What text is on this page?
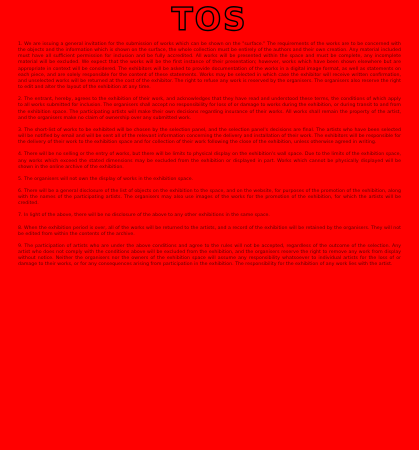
TOS

1. We are issuing a general invitation for the submission of works which can be shown on the "surface." The requirements of the works are to be concerned with the objects and the information which is shown on the surface, the whole collection must be entirely of the authors and their own creation. Any material included must have all sufficient permission for inclusion and be fully accredited. All works will be presented within the space and must be complete, any incomplete material will be excluded. We expect that the works will be the first instance of their presentation; however, works which have been shown elsewhere but are appropriate in context will be considered. The exhibitors will be asked to provide documentation of the works in a digital image format, as well as statements on each piece, and are solely responsible for the content of these statements. Works may be selected in which case the exhibitor will receive written confirmation, and unselected works will be returned at the cost of the exhibitor. The right to refuse any work is reserved by the organisers. The organisers also reserve the right to edit and alter the layout of the exhibition at any time.

2. The entrant, hereby, agrees to the exhibition of their work, and acknowledges that they have read and understood these terms, the conditions of which apply to all works submitted for inclusion. The organisers shall accept no responsibility for loss of or damage to works during the exhibition, or during transit to and from the exhibition space. The participating artists will make their own decisions regarding insurance of their works. All works shall remain the property of the artist, and the organisers make no claim of ownership over any submitted work.

3. The short-list of works to be exhibited will be chosen by the selection panel, and the selection panel's decisions are final. The artists who have been selected will be notified by email and will be sent all of the relevant information concerning the delivery and installation of their work. The exhibitors will be responsible for the delivery of their work to the exhibition space and for collection of their work following the close of the exhibition, unless otherwise agreed in writing.

4. There will be no selling or the entry of works, but there will be limits to physical display on the exhibition's wall space. Due to the limits of the exhibition space, any works which exceed the stated dimensions may be excluded from the exhibition or displayed in part. Works which cannot be physically displayed will be shown in the online archive of the exhibition.

5. The organisers will not own the display of works in the exhibition space.

6. There will be a general disclosure of the list of objects on the exhibition to the space, and on the website, for purposes of the promotion of the exhibition, along with the names of the participating artists. The organisers may also use images of the works for the promotion of the exhibition, for which the artists will be credited.

7. In light of the above, there will be no disclosure of the above to any other exhibitions in the same space.

8. When the exhibition period is over, all of the works will be returned to the artists, and a record of the exhibition will be retained by the organisers. They will not be edited from within the contents of the archive.

9. The participation of artists who are under the above conditions and agree to the rules will not be accepted, regardless of the outcome of the selection. Any artist who does not comply with the conditions above will be excluded from the exhibition, and the organisers reserve the right to remove any work from display without notice. Neither the organisers nor the owners of the exhibition space will assume any responsibility whatsoever to individual artists for the loss of or damage to their works, or for any consequences arising from participation in the exhibition. The responsibility for the exhibition of any work lies with the artist.
